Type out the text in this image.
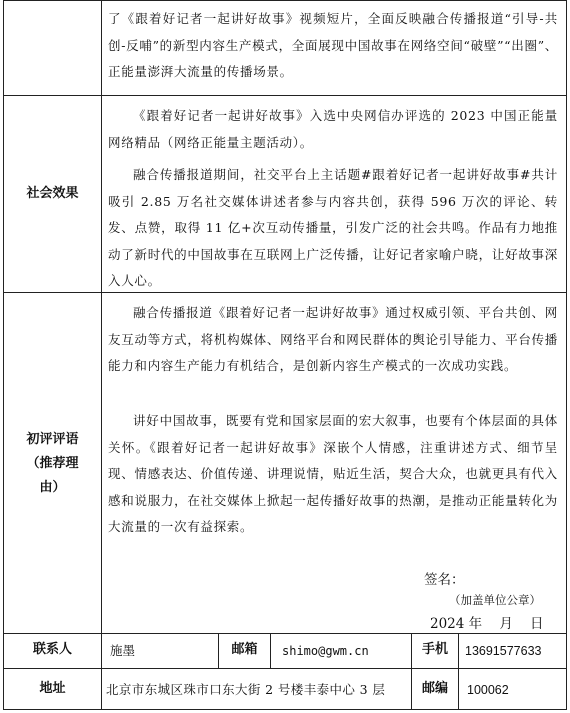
了《跟着好记者一起讲好故事》视频短片，全面反映融合传播报道“引导-共创-反哺”的新型内容生产模式，全面展现中国故事在网络空间“破壁”“出圈”、正能量澎湃大流量的传播场景。
社会效果
《跟着好记者一起讲好故事》入选中央网信办评选的 2023 中国正能量网络精品（网络正能量主题活动）。
融合传播报道期间，社交平台上主话题#跟着好记者一起讲好故事#共计吸引 2.85 万名社交媒体讲述者参与内容共创，获得 596 万次的评论、转发、点赞，取得 11 亿+次互动传播量，引发广泛的社会共鸣。作品有力地推动了新时代的中国故事在互联网上广泛传播，让好记者家喻户晓，让好故事深入人心。
初评评语
（推荐理
由）
融合传播报道《跟着好记者一起讲好故事》通过权威引领、平台共创、网友互动等方式，将机构媒体、网络平台和网民群体的舆论引导能力、平台传播能力和内容生产能力有机结合，是创新内容生产模式的一次成功实践。
讲好中国故事，既要有党和国家层面的宏大叙事，也要有个体层面的具体关怀。《跟着好记者一起讲好故事》深嵌个人情感，注重讲述方式、细节呈现、情感表达、价值传递、讲理说情，贴近生活，契合大众，也就更具有代入感和说服力，在社交媒体上掀起一起传播好故事的热潮，是推动正能量转化为大流量的一次有益探索。
签名：
（加盖单位公章）
2024 年    月    日
联系人	施墨	邮箱	shimo@gwm.cn	手机	13691577633
地址	北京市东城区珠市口东大街 2 号楼丰泰中心 3 层	邮编	100062
